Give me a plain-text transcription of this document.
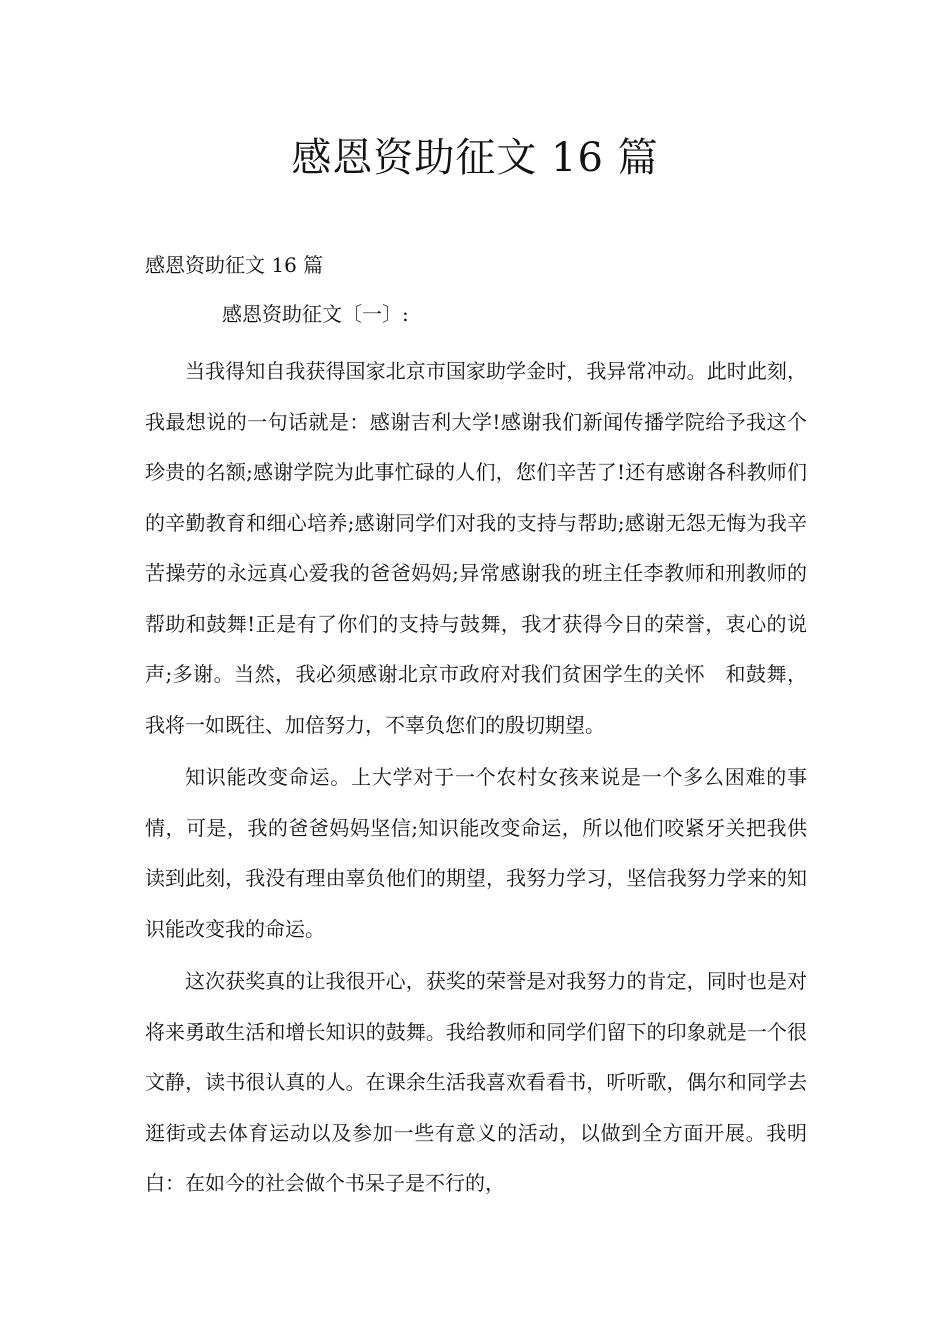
感恩资助征文 16 篇
感恩资助征文 16 篇
感恩资助征文〔一〕:

当我得知自我获得国家北京市国家助学金时，我异常冲动。此时此刻，我最想说的一句话就是：感谢吉利大学!感谢我们新闻传播学院给予我这个珍贵的名额;感谢学院为此事忙碌的人们，您们辛苦了!还有感谢各科教师们的辛勤教育和细心培养;感谢同学们对我的支持与帮助;感谢无怨无悔为我辛苦操劳的永远真心爱我的爸爸妈妈;异常感谢我的班主任李教师和刑教师的帮助和鼓舞!正是有了你们的支持与鼓舞，我才获得今日的荣誉，衷心的说声;多谢。当然，我必须感谢北京市政府对我们贫困学生的关怀　和鼓舞，我将一如既往、加倍努力，不辜负您们的殷切期望。

知识能改变命运。上大学对于一个农村女孩来说是一个多么困难的事情，可是，我的爸爸妈妈坚信;知识能改变命运，所以他们咬紧牙关把我供读到此刻，我没有理由辜负他们的期望，我努力学习，坚信我努力学来的知识能改变我的命运。

这次获奖真的让我很开心，获奖的荣誉是对我努力的肯定，同时也是对将来勇敢生活和增长知识的鼓舞。我给教师和同学们留下的印象就是一个很文静，读书很认真的人。在课余生活我喜欢看看书，听听歌，偶尔和同学去逛街或去体育运动以及参加一些有意义的活动，以做到全方面开展。我明白：在如今的社会做个书呆子是不行的，
